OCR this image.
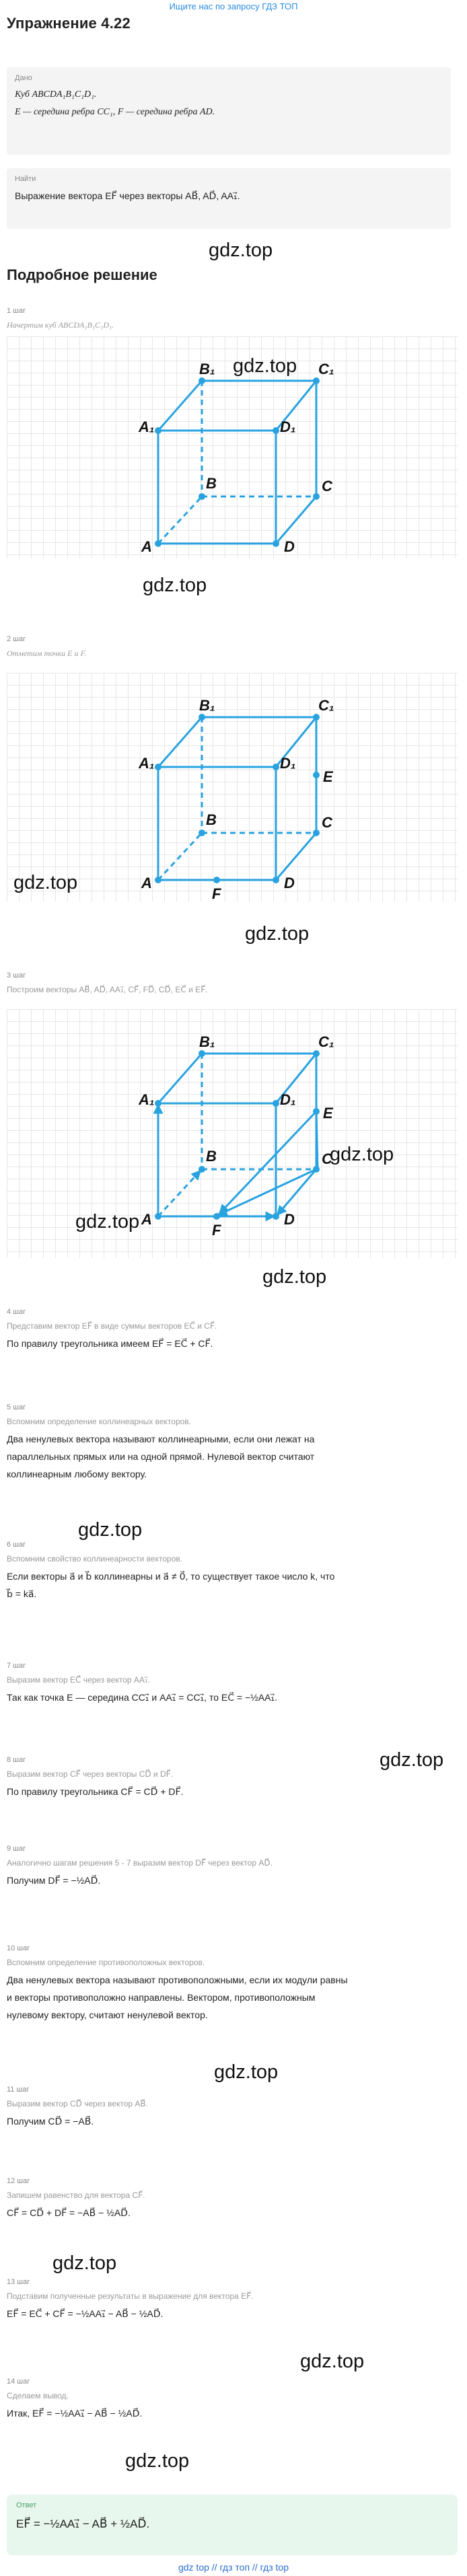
Ищите нас по запросу ГДЗ ТОП
Упражнение 4.22
Дано
Куб ABCDA₁B₁C₁D₁.
E — середина ребра CC₁, F — середина ребра AD.
Найти
Выражение вектора EF⃗ через векторы AB⃗, AD⃗, AA₁⃗.
gdz.top
Подробное решение
1 шаг
Начертим куб ABCDA₁B₁C₁D₁.
A	D
A₁	D₁
B₁	C₁
B	C
gdz.top
gdz.top
2 шаг
Отметим точки E и F.
A	D
A₁	D₁
B₁	C₁
B	C
E
F
gdz.top
gdz.top
3 шаг
Построим векторы AB⃗, AD⃗, AA₁⃗, CF⃗, FD⃗, CD⃗, EC⃗ и EF⃗.
A	D
A₁	D₁
B₁	C₁
B	C
E
F
gdz.top
gdz.top
gdz.top
4 шаг
Представим вектор EF⃗ в виде суммы векторов EC⃗ и CF⃗.
По правилу треугольника имеем EF⃗ = EC⃗ + CF⃗.
5 шаг
Вспомним определение коллинеарных векторов.
Два ненулевых вектора называют коллинеарными, если они лежат на
параллельных прямых или на одной прямой. Нулевой вектор считают
коллинеарным любому вектору.
gdz.top
6 шаг
Вспомним свойство коллинеарности векторов.
Если векторы a⃗ и b⃗ коллинеарны и a⃗ ≠ 0⃗, то существует такое число k, что
b⃗ = ka⃗.
7 шаг
Выразим вектор EC⃗ через вектор AA₁⃗.
Так как точка E — середина CC₁⃗ и AA₁⃗ = CC₁⃗, то EC⃗ = −½AA₁⃗.
8 шаг
Выразим вектор CF⃗ через векторы CD⃗ и DF⃗.
По правилу треугольника CF⃗ = CD⃗ + DF⃗.
gdz.top
9 шаг
Аналогично шагам решения 5 - 7 выразим вектор DF⃗ через вектор AD⃗.
Получим DF⃗ = −½AD⃗.
10 шаг
Вспомним определение противоположных векторов.
Два ненулевых вектора называют противоположными, если их модули равны
и векторы противоположно направлены. Вектором, противоположным
нулевому вектору, считают ненулевой вектор.
gdz.top
11 шаг
Выразим вектор CD⃗ через вектор AB⃗.
Получим CD⃗ = −AB⃗.
12 шаг
Запишем равенство для вектора CF⃗.
CF⃗ = CD⃗ + DF⃗ = −AB⃗ − ½AD⃗.
gdz.top
13 шаг
Подставим полученные результаты в выражение для вектора EF⃗.
EF⃗ = EC⃗ + CF⃗ = −½AA₁⃗ − AB⃗ − ½AD⃗.
gdz.top
14 шаг
Сделаем вывод.
Итак, EF⃗ = −½AA₁⃗ − AB⃗ − ½AD⃗.
gdz.top
Ответ
EF⃗ = −½AA₁⃗ − AB⃗ + ½AD⃗.
gdz top // гдз топ // гдз top
